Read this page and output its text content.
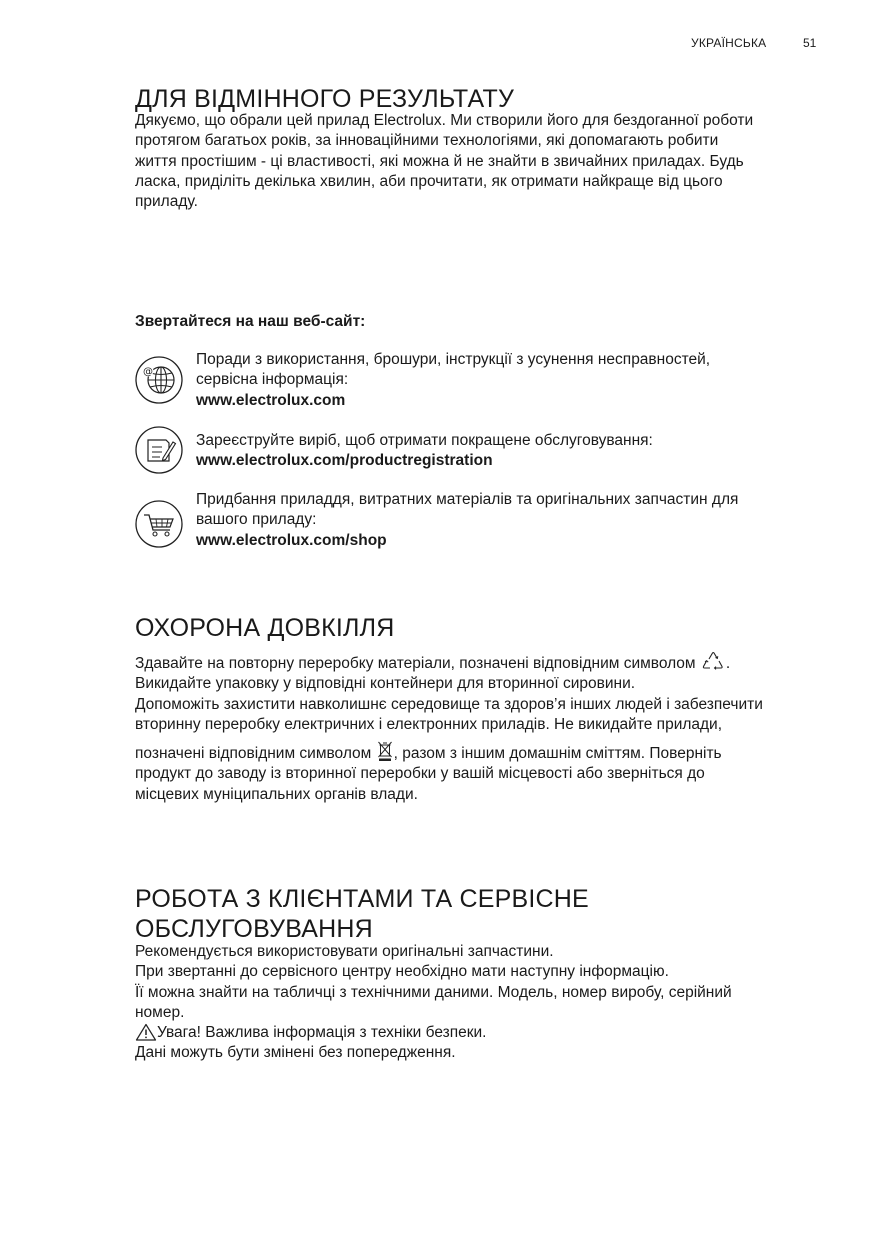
УКРАЇНСЬКА	51
ДЛЯ ВІДМІННОГО РЕЗУЛЬТАТУ

Дякуємо, що обрали цей прилад Electrolux. Ми створили його для бездоганної роботи

протягом багатьох років, за інноваційними технологіями, які допомагають робити

життя простішим - ці властивості, які можна й не знайти в звичайних приладах. Будь

ласка, приділіть декілька хвилин, аби прочитати, як отримати найкраще від цього

приладу.

Звертайтеся на наш веб-сайт:
@

Поради з використання, брошури, інструкції з усунення несправностей,

сервісна інформація:

www.electrolux.com

Зареєструйте виріб, щоб отримати покращене обслуговування:

www.electrolux.com/productregistration

Придбання приладдя, витратних матеріалів та оригінальних запчастин для

вашого приладу:

www.electrolux.com/shop

ОХОРОНА ДОВКІЛЛЯ

Здавайте на повторну переробку матеріали, позначені відповідним символом .

Викидайте упаковку у відповідні контейнери для вторинної сировини.

Допоможіть захистити навколишнє середовище та здоров’я інших людей і забезпечити

вторинну переробку електричних і електронних приладів. Не викидайте прилади,

позначені відповідним символом , разом з іншим домашнім сміттям. Поверніть

продукт до заводу із вторинної переробки у вашій місцевості або зверніться до

місцевих муніципальних органів влади.

РОБОТА З КЛІЄНТАМИ ТА СЕРВІСНЕ
ОБСЛУГОВУВАННЯ

Рекомендується використовувати оригінальні запчастини.

При звертанні до сервісного центру необхідно мати наступну інформацію.

Її можна знайти на табличці з технічними даними. Модель, номер виробу, серійний

номер.

Увага! Важлива інформація з техніки безпеки.

Дані можуть бути змінені без попередження.
